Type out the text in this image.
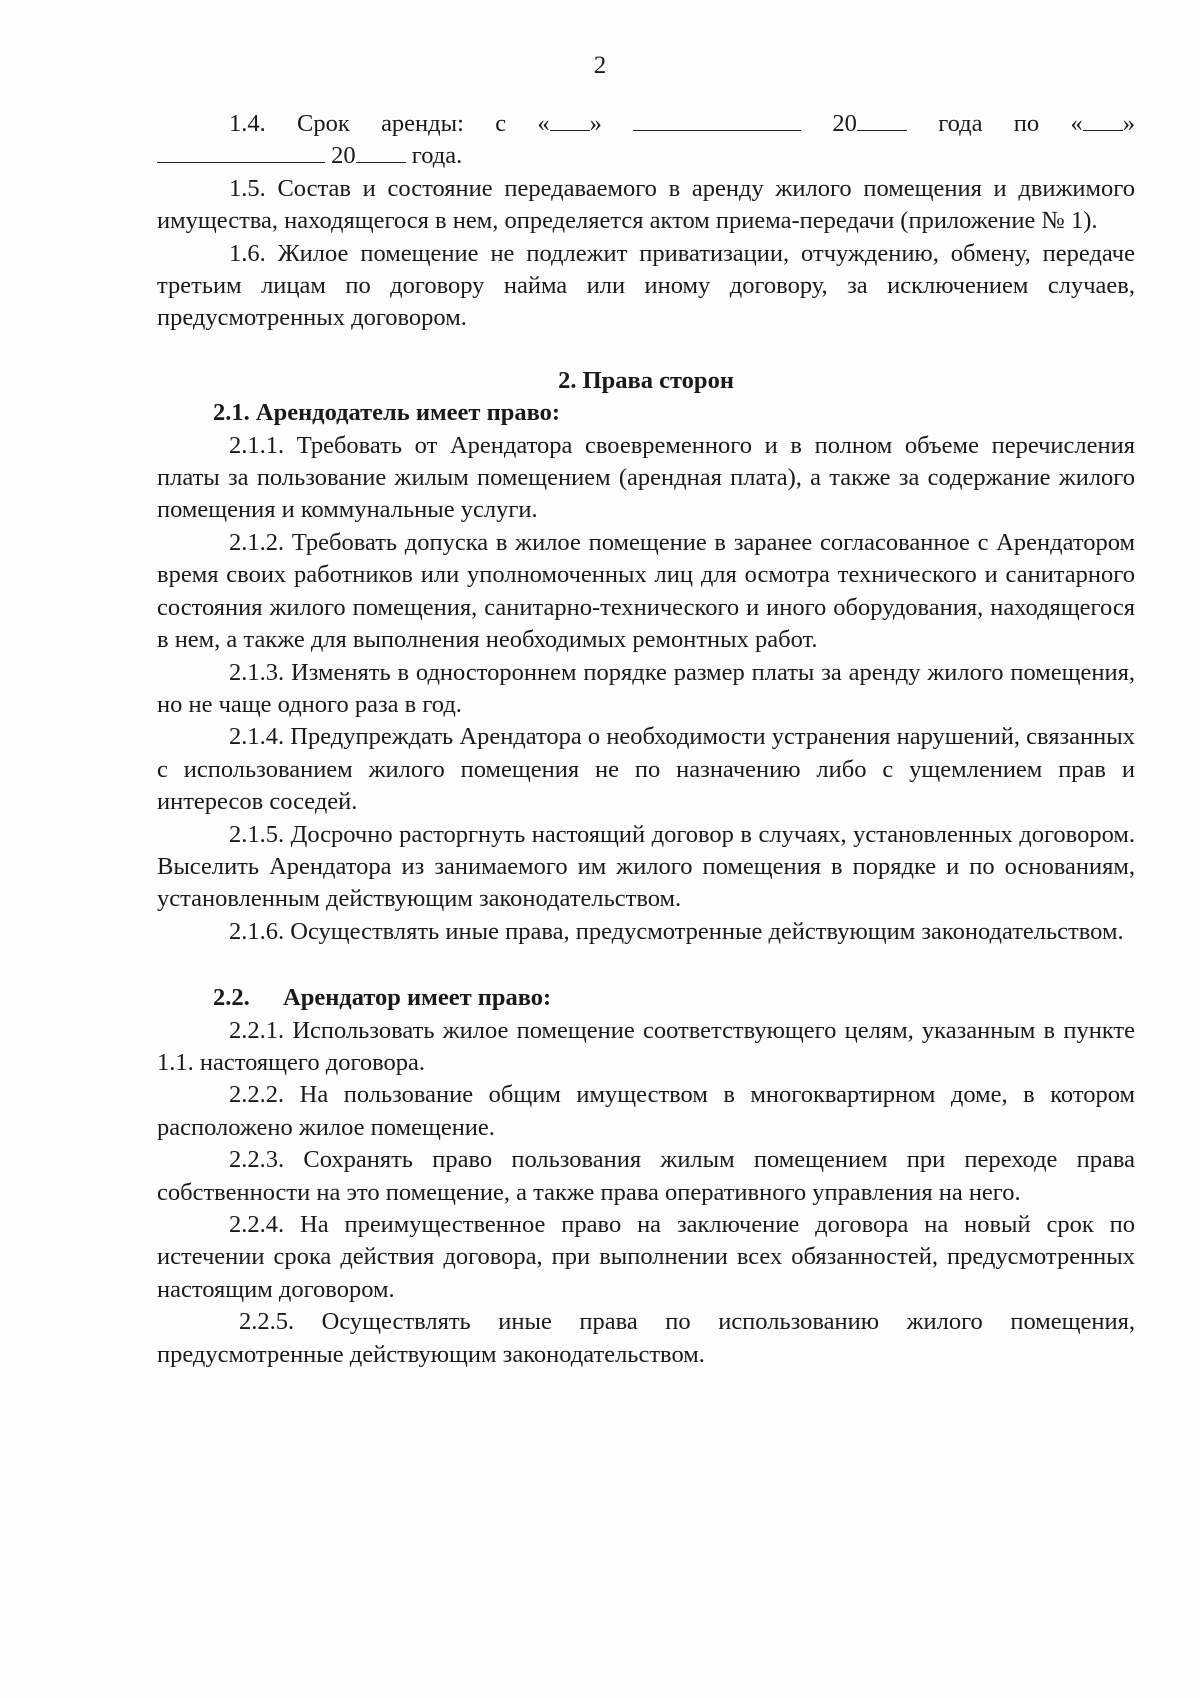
2
1.4. Срок аренды: с « »	20	года по « »

20 года.

1.5. Состав и состояние передаваемого в аренду жилого помещения и движимого имущества, находящегося в нем, определяется актом приема-передачи (приложение № 1).

1.6. Жилое помещение не подлежит приватизации, отчуждению, обмену, передаче третьим лицам по договору найма или иному договору, за исключением случаев, предусмотренных договором.

2. Права сторон

2.1. Арендодатель имеет право:

2.1.1. Требовать от Арендатора своевременного и в полном объеме перечисления платы за пользование жилым помещением (арендная плата), а также за содержание жилого помещения и коммунальные услуги.

2.1.2. Требовать допуска в жилое помещение в заранее согласованное с Арендатором время своих работников или уполномоченных лиц для осмотра технического и санитарного состояния жилого помещения, санитарно-технического и иного оборудования, находящегося в нем, а также для выполнения необходимых ремонтных работ.

2.1.3. Изменять в одностороннем порядке размер платы за аренду жилого помещения, но не чаще одного раза в год.

2.1.4. Предупреждать Арендатора о необходимости устранения нарушений, связанных с использованием жилого помещения не по назначению либо с ущемлением прав и интересов соседей.

2.1.5. Досрочно расторгнуть настоящий договор в случаях, установленных договором. Выселить Арендатора из занимаемого им жилого помещения в порядке и по основаниям, установленным действующим законодательством.

2.1.6. Осуществлять иные права, предусмотренные действующим законодательством.

2.2. Арендатор имеет право:

2.2.1. Использовать жилое помещение соответствующего целям, указанным в пункте 1.1. настоящего договора.

2.2.2. На пользование общим имуществом в многоквартирном доме, в котором расположено жилое помещение.

2.2.3. Сохранять право пользования жилым помещением при переходе права собственности на это помещение, а также права оперативного управления на него.

2.2.4. На преимущественное право на заключение договора на новый срок по истечении срока действия договора, при выполнении всех обязанностей, предусмотренных настоящим договором.

2.2.5. Осуществлять иные права по использованию жилого помещения, предусмотренные действующим законодательством.
